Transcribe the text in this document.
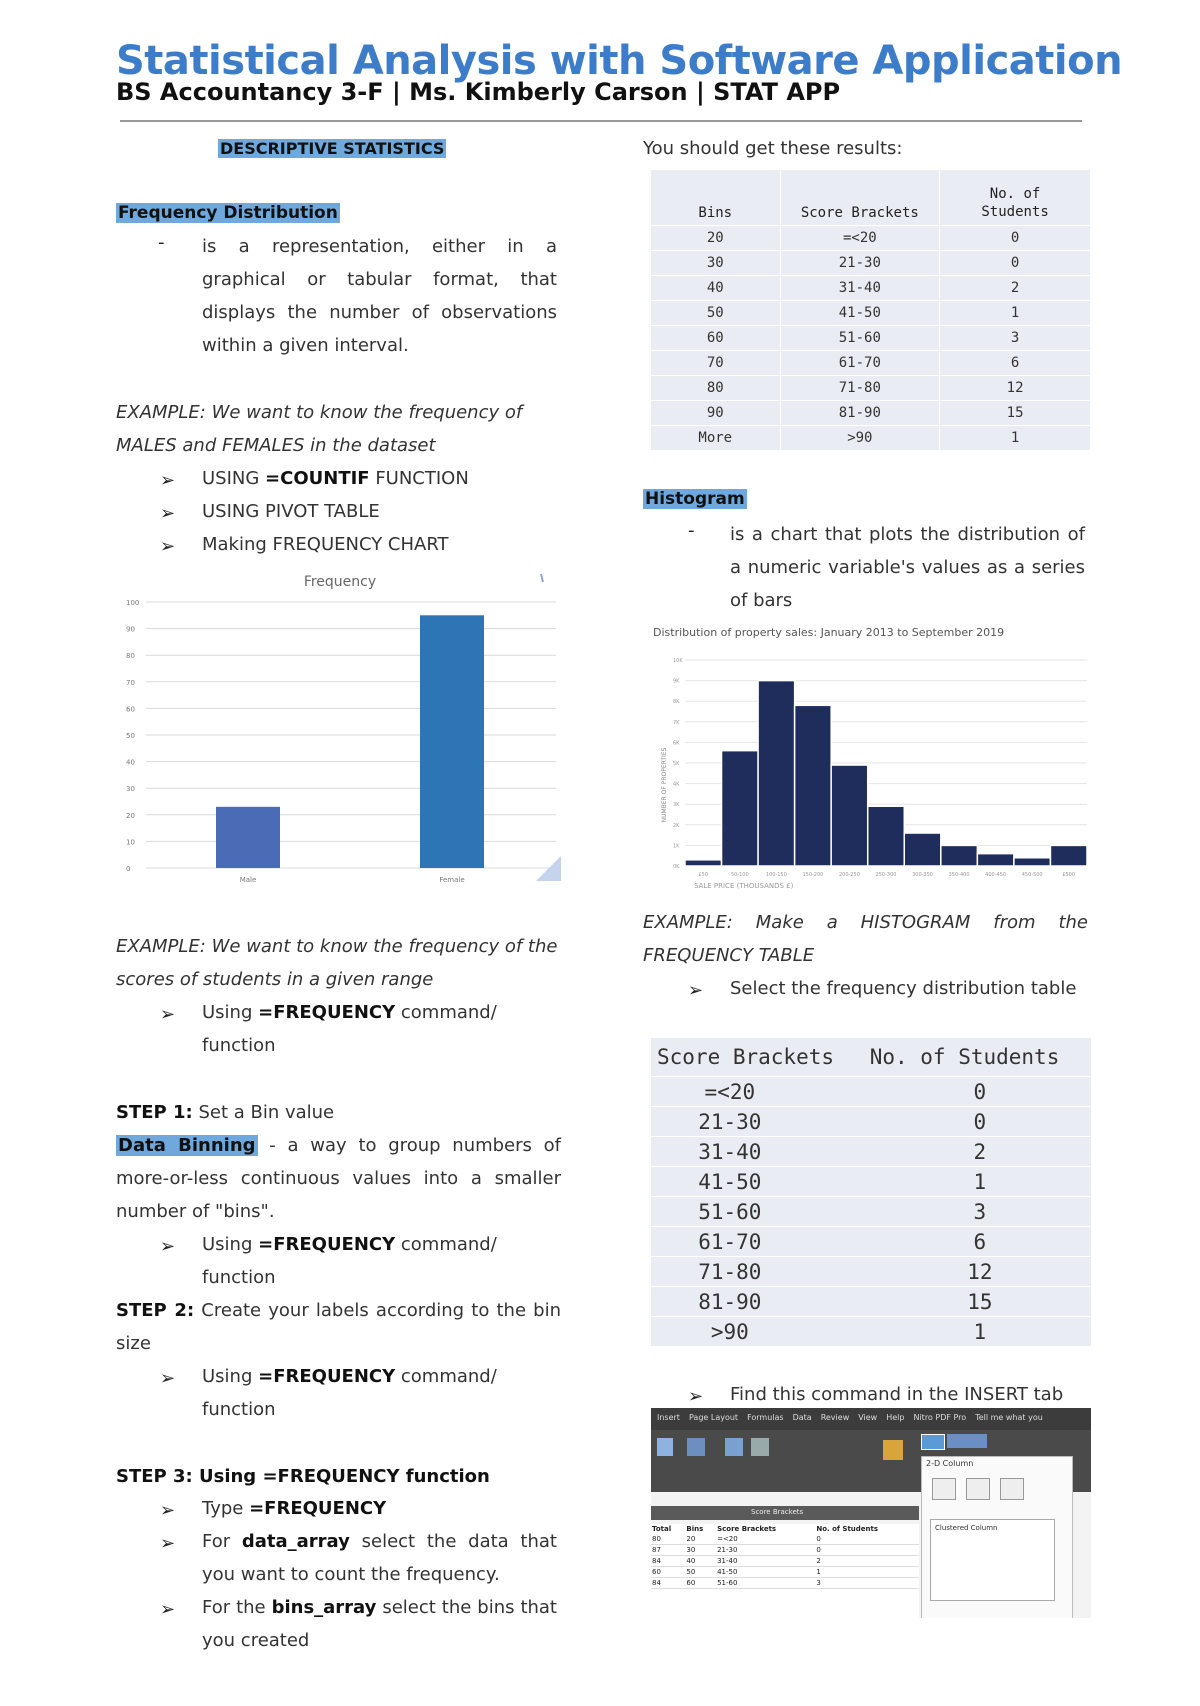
Statistical Analysis with Software Application
BS Accountancy 3-F | Ms. Kimberly Carson | STAT APP
DESCRIPTIVE STATISTICS
Frequency Distribution
- is a representation, either in a graphical or tabular format, that displays the number of observations within a given interval.
EXAMPLE: We want to know the frequency of MALES and FEMALES in the dataset
➢ USING =COUNTIF FUNCTION
➢ USING PIVOT TABLE
➢ Making FREQUENCY CHART
Frequency
0
10
20
30
40
50
60
70
80
90
100
Male	Female
EXAMPLE: We want to know the frequency of the scores of students in a given range
➢ Using =FREQUENCY command/ function
STEP 1: Set a Bin value
Data Binning - a way to group numbers of more-or-less continuous values into a smaller number of "bins".
➢ Using =FREQUENCY command/ function
STEP 2: Create your labels according to the bin size
➢ Using =FREQUENCY command/ function
STEP 3: Using =FREQUENCY function
➢ Type =FREQUENCY
➢ For data_array select the data that you want to count the frequency.
➢ For the bins_array select the bins that you created
You should get these results:
Bins	Score Brackets	No. of Students
20	=<20	0
30	21-30	0
40	31-40	2
50	41-50	1
60	51-60	3
70	61-70	6
80	71-80	12
90	81-90	15
More	>90	1
Histogram
- is a chart that plots the distribution of a numeric variable's values as a series of bars
Distribution of property sales: January 2013 to September 2019
NUMBER OF PROPERTIES
0K
1K
2K
3K
4K
5K
6K
7K
8K
9K
10K
£50	50-100	100-150	150-200	200-250	250-300	300-350	350-400	400-450	450-500	£500
SALE PRICE (THOUSANDS £)
EXAMPLE: Make a HISTOGRAM from the FREQUENCY TABLE
➢ Select the frequency distribution table
Score Brackets	No. of Students
=<20	0
21-30	0
31-40	2
41-50	1
51-60	3
61-70	6
71-80	12
81-90	15
>90	1
➢ Find this command in the INSERT tab
Insert Page Layout Formulas Data Review View Help Nitro PDF Pro Tell me what you
2-D Column
Clustered Column
Score Brackets
Total	Bins	Score Brackets	No. of Students
80	20	=<20	0
87	30	21-30	0
84	40	31-40	2
60	50	41-50	1
84	60	51-60	3
